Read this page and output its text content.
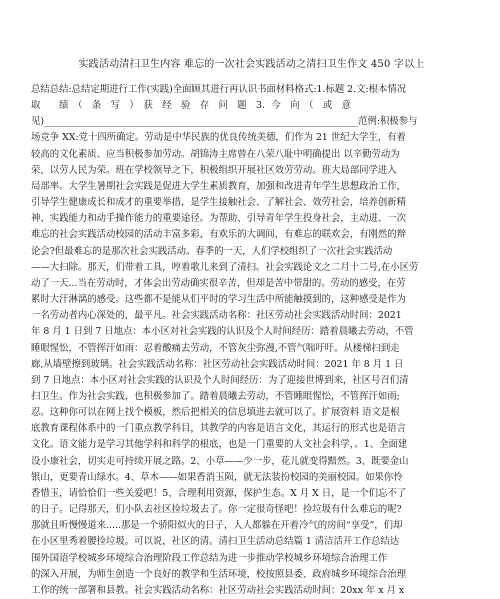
实践活动清扫卫生内容 难忘的一次社会实践活动之清扫卫生作文 450 字以上
总结总结:总结定期进行工作(实践)全面顾其进行再认识书面材料格式:1.标题 2.文:根本情况
取　　绩　（　条　写　）　获　经　验　存　问　题　3．今　向　（　或　意
见)___________________________________________________________________范例:积极参与
场竞争 XX:党十四所确定。劳动是中华民族的优良传统美德，们作为 21 世纪大学生，有着
较高的文化素质、应当积极参加劳动。胡锦涛主席曾在八荣八耻中明确提出 以辛勤劳动为
荣，以劳人民为荣。班在学校领导之下，积极组织开展社区效劳劳动。班大局部同学进入
局部率。大学生暑期社会实践是促进大学生素质教育，加强和改进青年学生思想政治工作，
引导学生健康成长和成才的重要举措，是学生接触社会、了解社会、效劳社会，培养创新精
神、实践能力和动手操作能力的重要途径。为帮助、引导青年学生投身社会，主动进、一次
难忘的社会实践活动校园的活动丰富多彩，有欢乐的大调间，有难忘的联欢会，有刚然的辩
论会?但最难忘的是那次社会实践活动。春季的一天，人们学校组织了一次社会实践活动
——大扫除。那天，们带着工具，哼着歌儿来到了清扫。社会实践论文之二月十二号,在小区劳
动了一天...当在劳动时，才体会出劳动确实很辛苦，但却是苦中带甜的。劳动的感受，在劳
累时大汗淋漓的感受。这些都不是能从们平时的学习生活中所能触摸到的，这种感受是作为
一名劳动者内心深处的，最平凡。社会实践活动名称：社区劳动社会实践活动时间：2021
年 8 月 1 日到 7 日地点：本小区对社会实践的认识及个人时间经历：踏着晨曦去劳动，不管
睡眼惺忪，不管挥汗如雨：忍着酸痛去劳动，不管灰尘弥漫,不管气喘吁吁。从楼梯扫到走
廊,从墙壁擦到玻璃。社会实践活动名称：社区劳动社会实践活动时间：2021 年 8 月 1 日
到 7 日地点：本小区对社会实践的认识及个人时间经历：为了迎接世博到来，社区号召们清
扫卫生。作为社会实践，也积极参加了。踏着晨曦去劳动，不管睡眼惺忪，不管挥汗如雨;
忍。这种你可以在网上找个模板，然后把相关的信息填进去就可以了。扩展资料 语文是根
底教育课程体系中的一门重点教学科目，其教学的内容是语言文化，其运行的形式也是语言
文化。语文能力是学习其他学科和科学的根底，也是一门重要的人文社会科学，。1、全面建
设小康社会，切实走可持续开展之路。2、小草——少一步，花儿就变得黯然。3、既要金山
银山，更要青山绿水。4、草木——如果香消玉陨，就无法装扮校园的美丽校园。如果你怜
香惜玉，请恰恰们一些关爱吧！5、合理利用资源，保护生态。X 月 X 日，是一个们忘不了
的日子。记得那天，们小队去社区捡垃圾去了。你一定很奇怪吧！捡垃圾有什么难忘的呢?
那就且听慢慢道来.....那是一个骄阳似火的日子，人人都躲在开着冷气的房间“享受”，们却
在小区里秀着腰捡垃圾。可以说，社区的清。清扫卫生活动总结篇 1 清洁活开工作总结达
围外国语学校城乡环境综合治理阶段工作总结为进一步推动学校城乡环境综合治理工作
的深入开展，为师生创造一个良好的教学和生活环境，校按照县委、政府城乡环境综合治理
工作的统一部署和县教。社会实践活动名称：社区劳动社会实践活动时间：20xx 年 x 月 x
